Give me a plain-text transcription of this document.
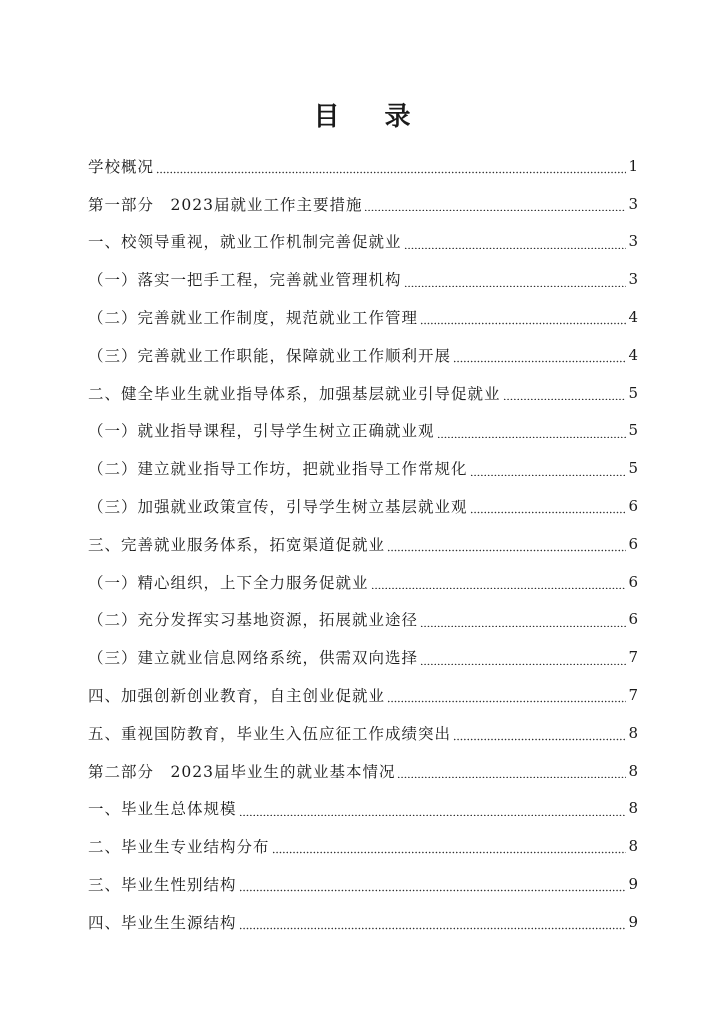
目 录
学校概况	1
第一部分　2023届就业工作主要措施	3
一、校领导重视，就业工作机制完善促就业	3
（一）落实一把手工程，完善就业管理机构	3
（二）完善就业工作制度，规范就业工作管理	4
（三）完善就业工作职能，保障就业工作顺利开展	4
二、健全毕业生就业指导体系，加强基层就业引导促就业	5
（一）就业指导课程，引导学生树立正确就业观	5
（二）建立就业指导工作坊，把就业指导工作常规化	5
（三）加强就业政策宣传，引导学生树立基层就业观	6
三、完善就业服务体系，拓宽渠道促就业	6
（一）精心组织，上下全力服务促就业	6
（二）充分发挥实习基地资源，拓展就业途径	6
（三）建立就业信息网络系统，供需双向选择	7
四、加强创新创业教育，自主创业促就业	7
五、重视国防教育，毕业生入伍应征工作成绩突出	8
第二部分　2023届毕业生的就业基本情况	8
一、毕业生总体规模	8
二、毕业生专业结构分布	8
三、毕业生性别结构	9
四、毕业生生源结构	9
